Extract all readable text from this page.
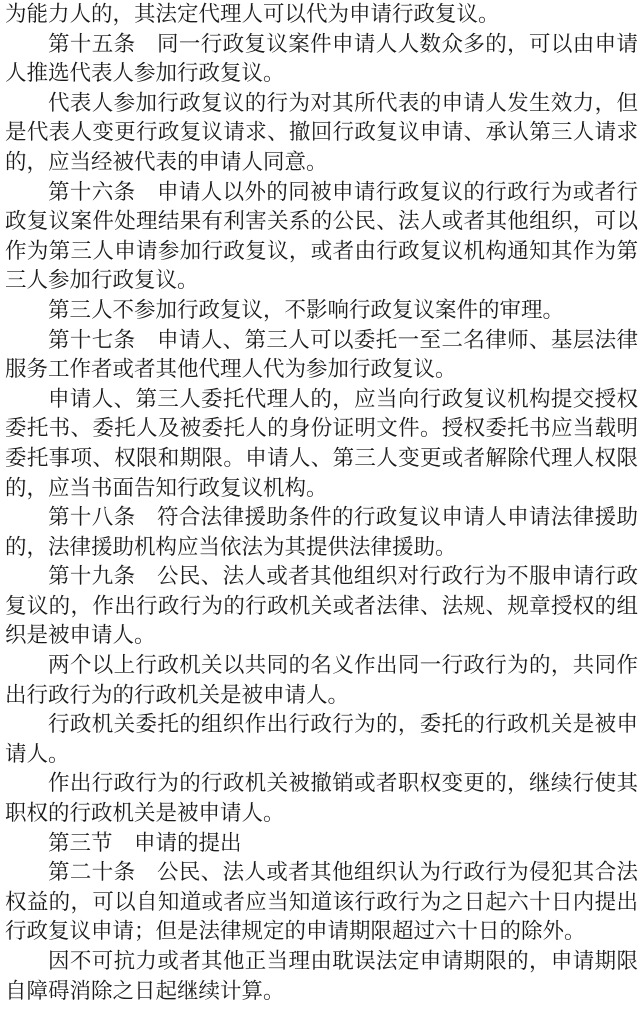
为能力人的，其法定代理人可以代为申请行政复议。

第十五条 同一行政复议案件申请人人数众多的，可以由申请人推选代表人参加行政复议。

代表人参加行政复议的行为对其所代表的申请人发生效力，但是代表人变更行政复议请求、撤回行政复议申请、承认第三人请求的，应当经被代表的申请人同意。

第十六条 申请人以外的同被申请行政复议的行政行为或者行政复议案件处理结果有利害关系的公民、法人或者其他组织，可以作为第三人申请参加行政复议，或者由行政复议机构通知其作为第三人参加行政复议。

第三人不参加行政复议，不影响行政复议案件的审理。

第十七条 申请人、第三人可以委托一至二名律师、基层法律服务工作者或者其他代理人代为参加行政复议。

申请人、第三人委托代理人的，应当向行政复议机构提交授权委托书、委托人及被委托人的身份证明文件。授权委托书应当载明委托事项、权限和期限。申请人、第三人变更或者解除代理人权限的，应当书面告知行政复议机构。

第十八条 符合法律援助条件的行政复议申请人申请法律援助的，法律援助机构应当依法为其提供法律援助。

第十九条 公民、法人或者其他组织对行政行为不服申请行政复议的，作出行政行为的行政机关或者法律、法规、规章授权的组织是被申请人。

两个以上行政机关以共同的名义作出同一行政行为的，共同作出行政行为的行政机关是被申请人。

行政机关委托的组织作出行政行为的，委托的行政机关是被申请人。

作出行政行为的行政机关被撤销或者职权变更的，继续行使其职权的行政机关是被申请人。

第三节 申请的提出

第二十条 公民、法人或者其他组织认为行政行为侵犯其合法权益的，可以自知道或者应当知道该行政行为之日起六十日内提出行政复议申请；但是法律规定的申请期限超过六十日的除外。

因不可抗力或者其他正当理由耽误法定申请期限的，申请期限自障碍消除之日起继续计算。
